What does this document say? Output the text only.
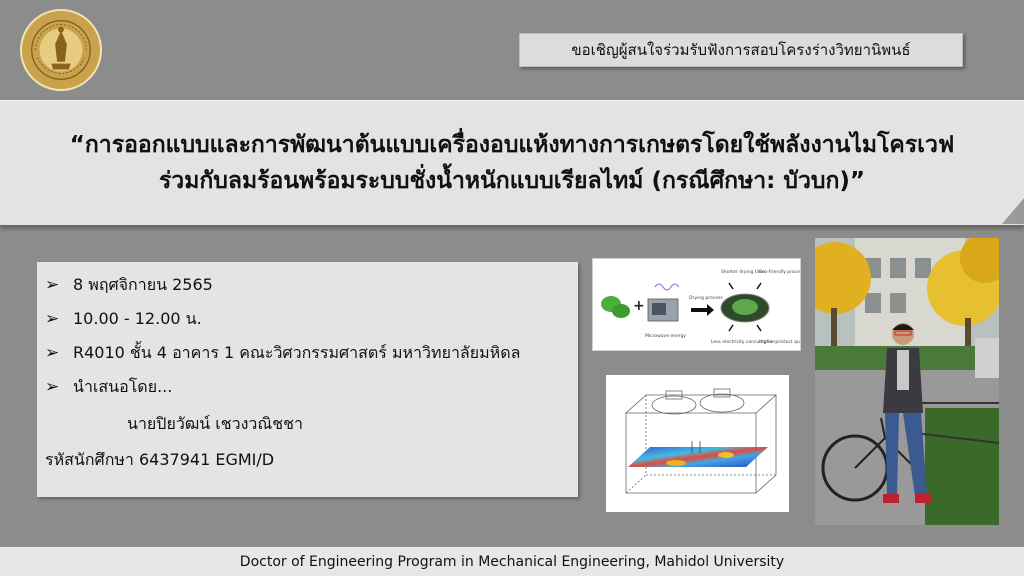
ขอเชิญผู้สนใจร่วมรับฟังการสอบโครงร่างวิทยานิพนธ์
“การออกแบบและการพัฒนาต้นแบบเครื่องอบแห้งทางการเกษตรโดยใช้พลังงานไมโครเวฟ
ร่วมกับลมร้อนพร้อมระบบชั่งน้ำหนักแบบเรียลไทม์ (กรณีศึกษา: บัวบก)”
➢ 8 พฤศจิกายน 2565
➢ 10.00 - 12.00 น.
➢ R4010 ชั้น 4 อาคาร 1 คณะวิศวกรรมศาสตร์ มหาวิทยาลัยมหิดล
➢ นำเสนอโดย...
นายปิยวัฒน์ เชวงวณิชชา
รหัสนักศึกษา 6437941 EGMI/D
+
Microwave energy
Drying process
Shorter drying time
Eco-friendly proce
Less electricity consumption
Higher product qu
Doctor of Engineering Program in Mechanical Engineering, Mahidol University
